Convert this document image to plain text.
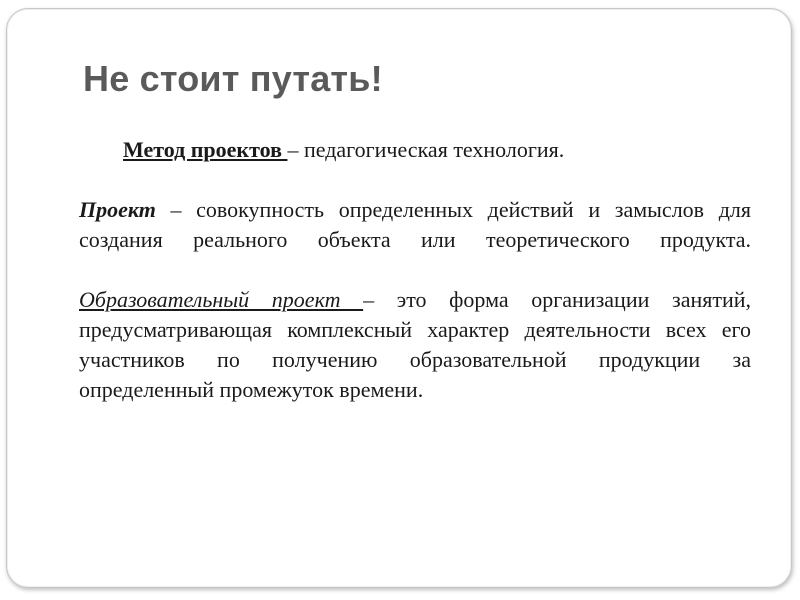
Не стоит путать!

Метод проектов – педагогическая технология.

Проект – совокупность определенных действий и замыслов для создания реального объекта или теоретического продукта.

Образовательный проект – это форма организации занятий, предусматривающая комплексный характер деятельности всех его участников по получению образовательной продукции за определенный промежуток времени.
